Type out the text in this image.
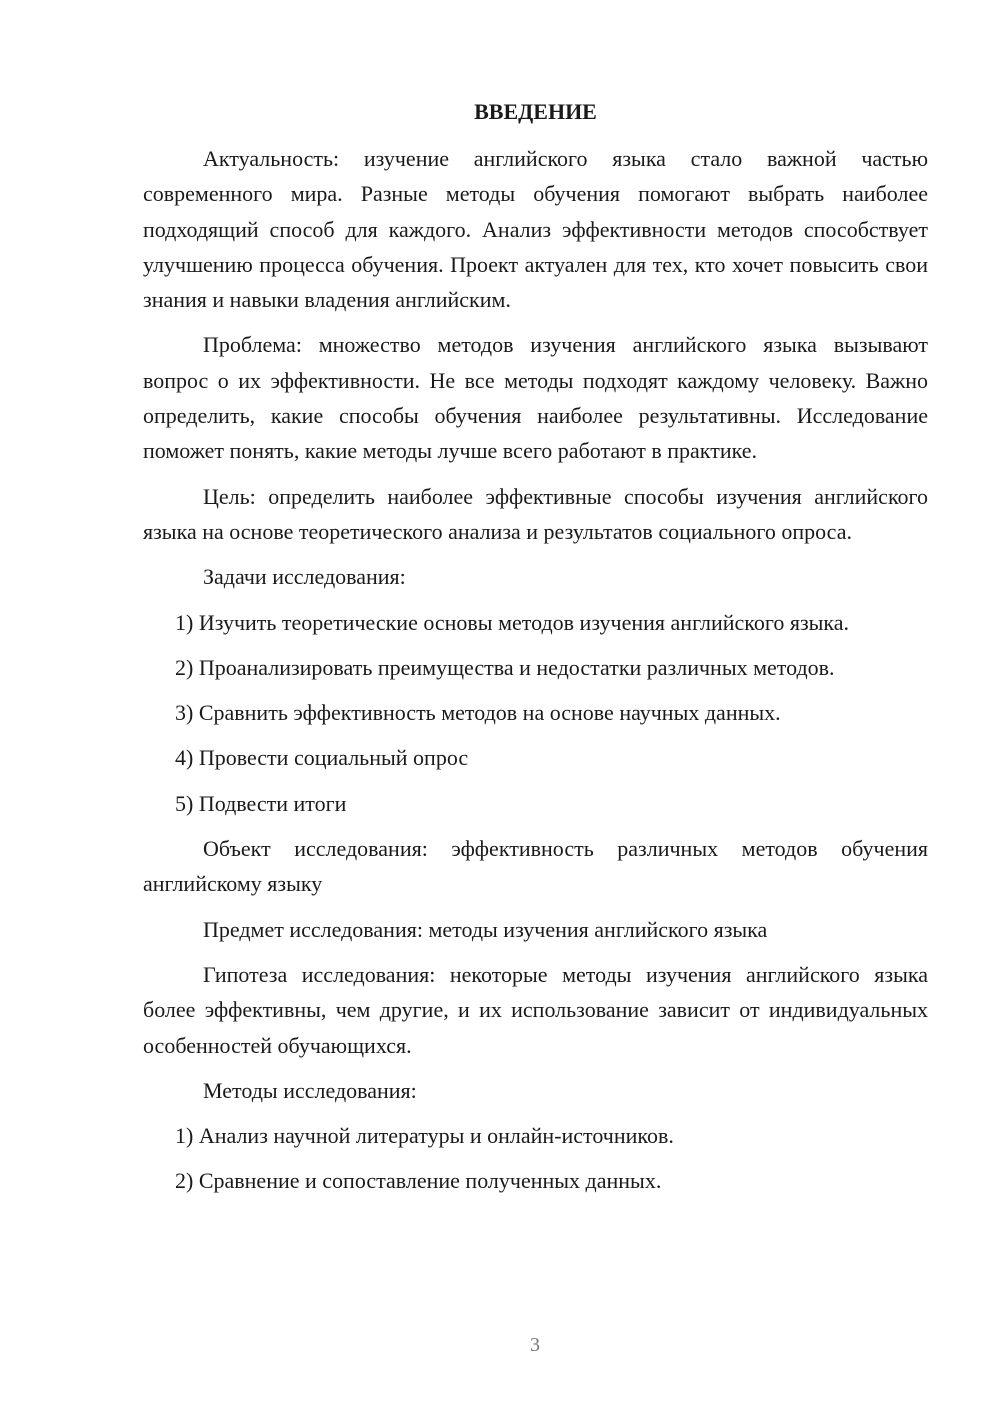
ВВЕДЕНИЕ

Актуальность: изучение английского языка стало важной частью современного мира. Разные методы обучения помогают выбрать наиболее подходящий способ для каждого. Анализ эффективности методов способствует улучшению процесса обучения. Проект актуален для тех, кто хочет повысить свои знания и навыки владения английским.

Проблема: множество методов изучения английского языка вызывают вопрос о их эффективности. Не все методы подходят каждому человеку. Важно определить, какие способы обучения наиболее результативны. Исследование поможет понять, какие методы лучше всего работают в практике.

Цель: определить наиболее эффективные способы изучения английского языка на основе теоретического анализа и результатов социального опроса.

Задачи исследования:

1) Изучить теоретические основы методов изучения английского языка.

2) Проанализировать преимущества и недостатки различных методов.

3) Сравнить эффективность методов на основе научных данных.

4) Провести социальный опрос

5) Подвести итоги

Объект исследования: эффективность различных методов обучения английскому языку

Предмет исследования: методы изучения английского языка

Гипотеза исследования: некоторые методы изучения английского языка более эффективны, чем другие, и их использование зависит от индивидуальных особенностей обучающихся.

Методы исследования:

1) Анализ научной литературы и онлайн-источников.

2) Сравнение и сопоставление полученных данных.

3
